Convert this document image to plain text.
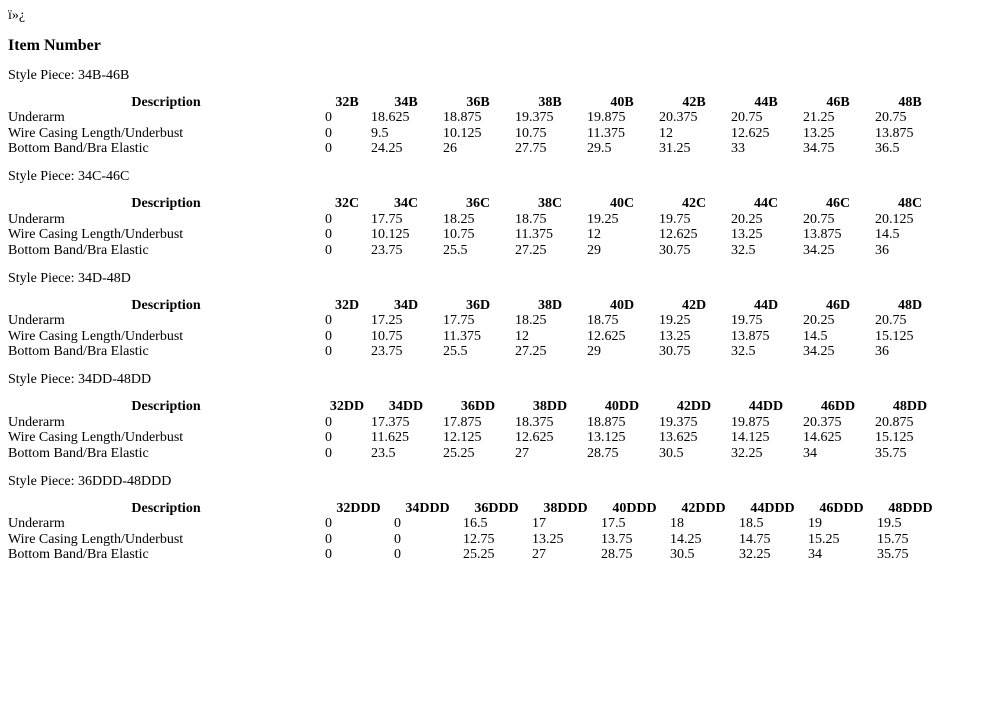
ï»¿

Item Number

Style Piece: 34B-46B

Description	32B	34B	36B	38B	40B	42B	44B	46B	48B
Underarm	0	18.625	18.875	19.375	19.875	20.375	20.75	21.25	20.75
Wire Casing Length/Underbust	0	9.5	10.125	10.75	11.375	12	12.625	13.25	13.875
Bottom Band/Bra Elastic	0	24.25	26	27.75	29.5	31.25	33	34.75	36.5

Style Piece: 34C-46C

Description	32C	34C	36C	38C	40C	42C	44C	46C	48C
Underarm	0	17.75	18.25	18.75	19.25	19.75	20.25	20.75	20.125
Wire Casing Length/Underbust	0	10.125	10.75	11.375	12	12.625	13.25	13.875	14.5
Bottom Band/Bra Elastic	0	23.75	25.5	27.25	29	30.75	32.5	34.25	36

Style Piece: 34D-48D

Description	32D	34D	36D	38D	40D	42D	44D	46D	48D
Underarm	0	17.25	17.75	18.25	18.75	19.25	19.75	20.25	20.75
Wire Casing Length/Underbust	0	10.75	11.375	12	12.625	13.25	13.875	14.5	15.125
Bottom Band/Bra Elastic	0	23.75	25.5	27.25	29	30.75	32.5	34.25	36

Style Piece: 34DD-48DD

Description	32DD	34DD	36DD	38DD	40DD	42DD	44DD	46DD	48DD
Underarm	0	17.375	17.875	18.375	18.875	19.375	19.875	20.375	20.875
Wire Casing Length/Underbust	0	11.625	12.125	12.625	13.125	13.625	14.125	14.625	15.125
Bottom Band/Bra Elastic	0	23.5	25.25	27	28.75	30.5	32.25	34	35.75

Style Piece: 36DDD-48DDD

Description	32DDD	34DDD	36DDD	38DDD	40DDD	42DDD	44DDD	46DDD	48DDD
Underarm	0	0	16.5	17	17.5	18	18.5	19	19.5
Wire Casing Length/Underbust	0	0	12.75	13.25	13.75	14.25	14.75	15.25	15.75
Bottom Band/Bra Elastic	0	0	25.25	27	28.75	30.5	32.25	34	35.75
